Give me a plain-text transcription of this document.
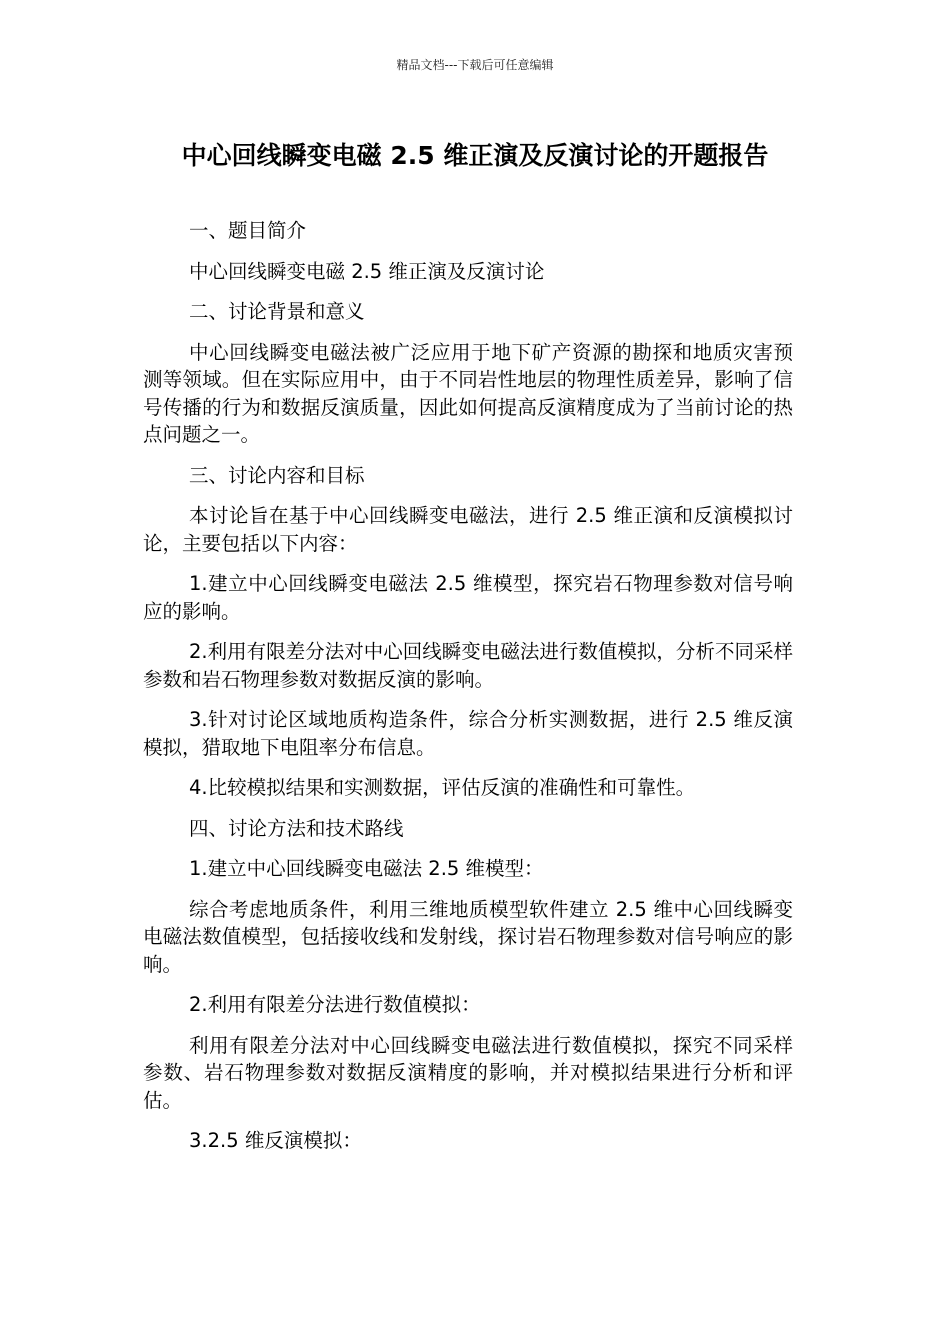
精品文档---下载后可任意编辑
中心回线瞬变电磁 2.5 维正演及反演讨论的开题报告

一、题目简介

中心回线瞬变电磁 2.5 维正演及反演讨论

二、讨论背景和意义

中心回线瞬变电磁法被广泛应用于地下矿产资源的勘探和地质灾害预测等领域。但在实际应用中，由于不同岩性地层的物理性质差异，影响了信号传播的行为和数据反演质量，因此如何提高反演精度成为了当前讨论的热点问题之一。

三、讨论内容和目标

本讨论旨在基于中心回线瞬变电磁法，进行 2.5 维正演和反演模拟讨论，主要包括以下内容：

1.建立中心回线瞬变电磁法 2.5 维模型，探究岩石物理参数对信号响应的影响。

2.利用有限差分法对中心回线瞬变电磁法进行数值模拟，分析不同采样参数和岩石物理参数对数据反演的影响。

3.针对讨论区域地质构造条件，综合分析实测数据，进行 2.5 维反演模拟，猎取地下电阻率分布信息。

4.比较模拟结果和实测数据，评估反演的准确性和可靠性。

四、讨论方法和技术路线

1.建立中心回线瞬变电磁法 2.5 维模型：

综合考虑地质条件，利用三维地质模型软件建立 2.5 维中心回线瞬变电磁法数值模型，包括接收线和发射线，探讨岩石物理参数对信号响应的影响。

2.利用有限差分法进行数值模拟：

利用有限差分法对中心回线瞬变电磁法进行数值模拟，探究不同采样参数、岩石物理参数对数据反演精度的影响，并对模拟结果进行分析和评估。

3.2.5 维反演模拟：
